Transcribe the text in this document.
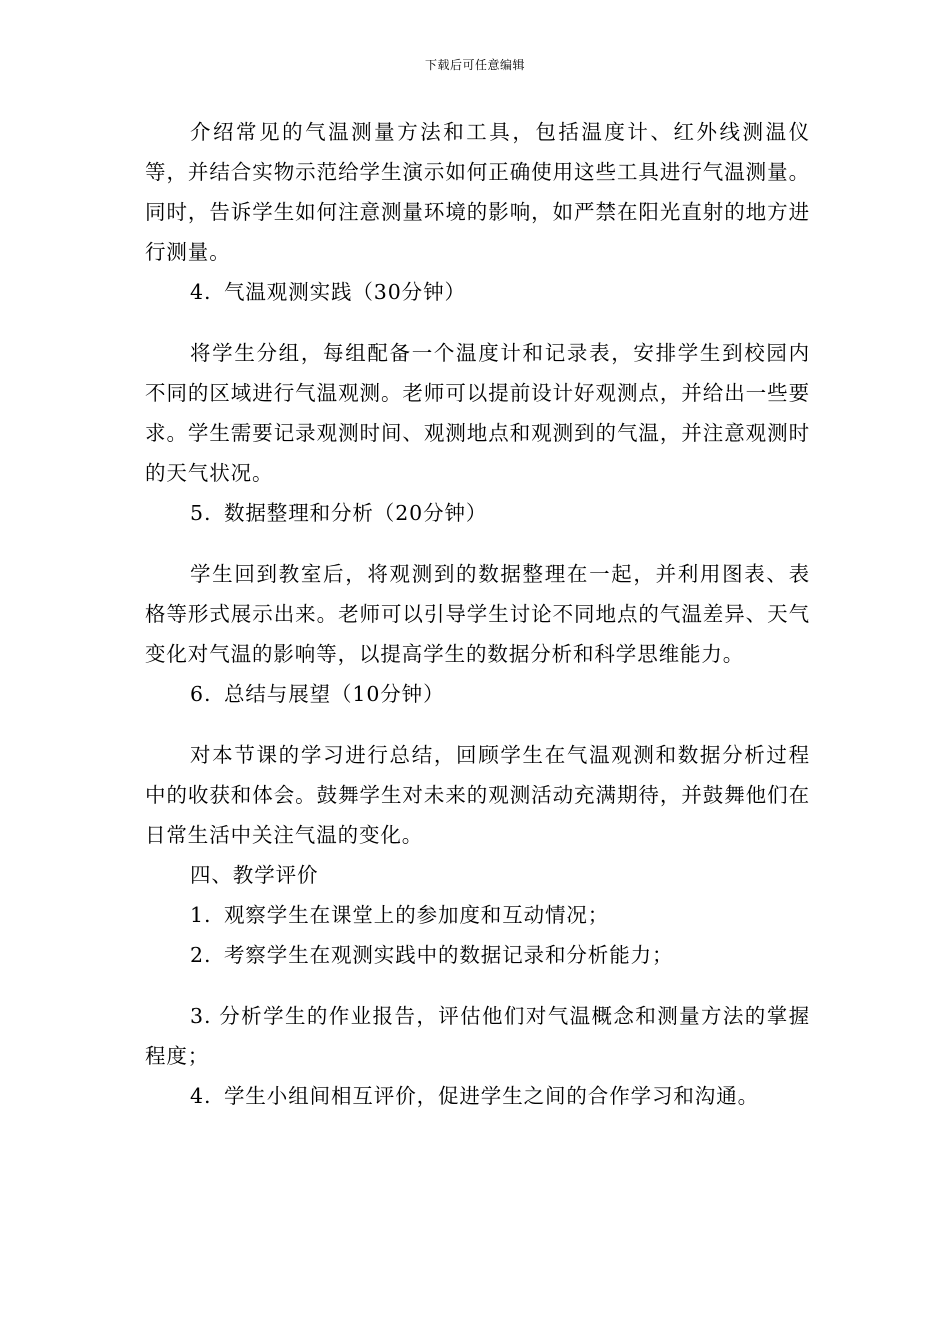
下载后可任意编辑

介绍常见的气温测量方法和工具，包括温度计、红外线测温仪等，并结合实物示范给学生演示如何正确使用这些工具进行气温测量。同时，告诉学生如何注意测量环境的影响，如严禁在阳光直射的地方进行测量。

4. 气温观测实践（30分钟）

将学生分组，每组配备一个温度计和记录表，安排学生到校园内不同的区域进行气温观测。老师可以提前设计好观测点，并给出一些要求。学生需要记录观测时间、观测地点和观测到的气温，并注意观测时的天气状况。

5. 数据整理和分析（20分钟）

学生回到教室后，将观测到的数据整理在一起，并利用图表、表格等形式展示出来。老师可以引导学生讨论不同地点的气温差异、天气变化对气温的影响等，以提高学生的数据分析和科学思维能力。

6. 总结与展望（10分钟）

对本节课的学习进行总结，回顾学生在气温观测和数据分析过程中的收获和体会。鼓舞学生对未来的观测活动充满期待，并鼓舞他们在日常生活中关注气温的变化。

四、教学评价

1. 观察学生在课堂上的参加度和互动情况；

2. 考察学生在观测实践中的数据记录和分析能力；

3. 分析学生的作业报告，评估他们对气温概念和测量方法的掌握程度；

4. 学生小组间相互评价，促进学生之间的合作学习和沟通。
